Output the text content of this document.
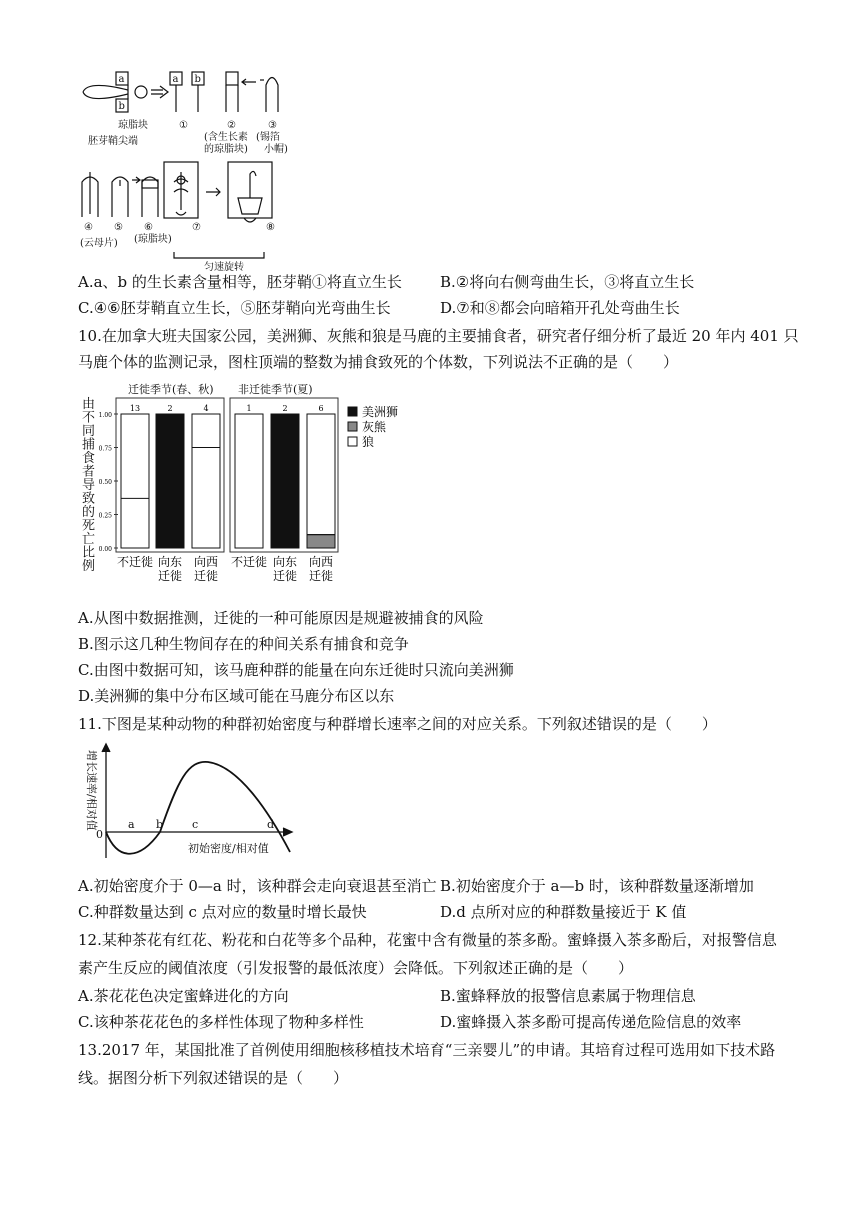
a
b
a b
琼脂块
胚芽鞘尖端
①	②	③
(含生长素
的琼脂块)
(锡箔
小帽)
④ ⑤ ⑥	⑦	⑧
(云母片) (琼脂块)
匀速旋转
A.a、b 的生长素含量相等，胚芽鞘①将直立生长	B.②将向右侧弯曲生长，③将直立生长
C.④⑥胚芽鞘直立生长，⑤胚芽鞘向光弯曲生长	D.⑦和⑧都会向暗箱开孔处弯曲生长
10.在加拿大班夫国家公园，美洲狮、灰熊和狼是马鹿的主要捕食者，研究者仔细分析了最近 20 年内 401 只
马鹿个体的监测记录，图柱顶端的整数为捕食致死的个体数，下列说法不正确的是（　　）
由不同捕食者导致的死亡比例
迁徙季节(春、秋) 非迁徙季节(夏)
0.00
0.25
0.50
0.75
1.00
13
不迁徙
2
向东
迁徙
4
向西
迁徙
1
不迁徙
2
向东
迁徙
6
向西
迁徙
美洲狮
灰熊
狼
A.从图中数据推测，迁徙的一种可能原因是规避被捕食的风险
B.图示这几种生物间存在的种间关系有捕食和竞争
C.由图中数据可知，该马鹿种群的能量在向东迁徙时只流向美洲狮
D.美洲狮的集中分布区域可能在马鹿分布区以东
11.下图是某种动物的种群初始密度与种群增长速率之间的对应关系。下列叙述错误的是（　　）
0
a b	c	d
初始密度/相对值
增长速率/相对值
A.初始密度介于 0—a 时，该种群会走向衰退甚至消亡 B.初始密度介于 a—b 时，该种群数量逐渐增加
C.种群数量达到 c 点对应的数量时增长最快	D.d 点所对应的种群数量接近于 K 值
12.某种茶花有红花、粉花和白花等多个品种，花蜜中含有微量的茶多酚。蜜蜂摄入茶多酚后，对报警信息
素产生反应的阈值浓度（引发报警的最低浓度）会降低。下列叙述正确的是（　　）
A.茶花花色决定蜜蜂进化的方向	B.蜜蜂释放的报警信息素属于物理信息
C.该种茶花花色的多样性体现了物种多样性	D.蜜蜂摄入茶多酚可提高传递危险信息的效率
13.2017 年，某国批准了首例使用细胞核移植技术培育“三亲婴儿”的申请。其培育过程可选用如下技术路
线。据图分析下列叙述错误的是（　　）
